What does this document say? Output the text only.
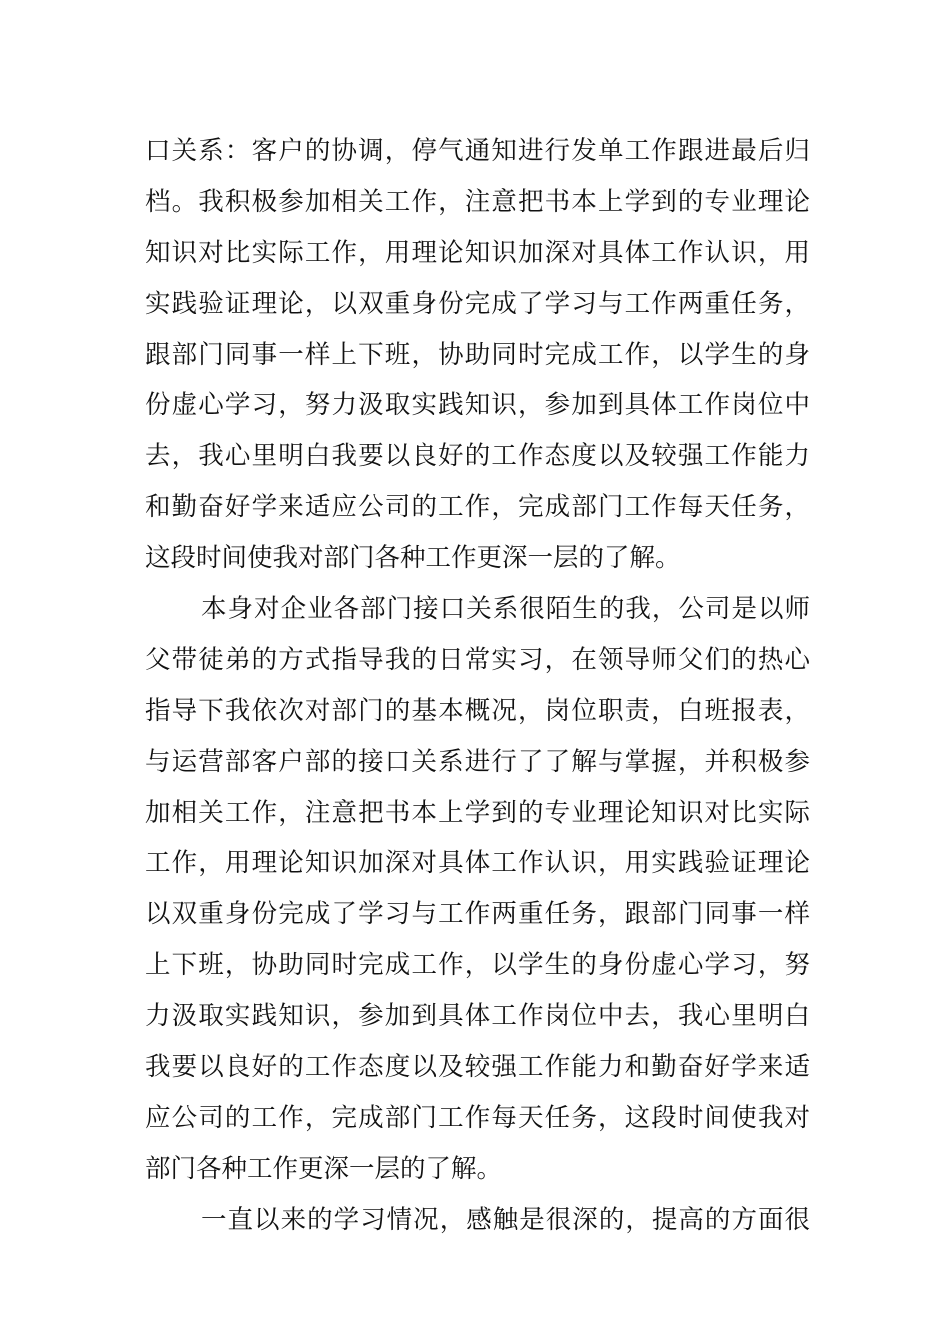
口关系：客户的协调，停气通知进行发单工作跟进最后归
档。我积极参加相关工作，注意把书本上学到的专业理论
知识对比实际工作，用理论知识加深对具体工作认识，用
实践验证理论，以双重身份完成了学习与工作两重任务，
跟部门同事一样上下班，协助同时完成工作，以学生的身
份虚心学习，努力汲取实践知识，参加到具体工作岗位中
去，我心里明白我要以良好的工作态度以及较强工作能力
和勤奋好学来适应公司的工作，完成部门工作每天任务，
这段时间使我对部门各种工作更深一层的了解。
本身对企业各部门接口关系很陌生的我，公司是以师
父带徒弟的方式指导我的日常实习，在领导师父们的热心
指导下我依次对部门的基本概况，岗位职责，白班报表，
与运营部客户部的接口关系进行了了解与掌握，并积极参
加相关工作，注意把书本上学到的专业理论知识对比实际
工作，用理论知识加深对具体工作认识，用实践验证理论
以双重身份完成了学习与工作两重任务，跟部门同事一样
上下班，协助同时完成工作，以学生的身份虚心学习，努
力汲取实践知识，参加到具体工作岗位中去，我心里明白
我要以良好的工作态度以及较强工作能力和勤奋好学来适
应公司的工作，完成部门工作每天任务，这段时间使我对
部门各种工作更深一层的了解。
一直以来的学习情况，感触是很深的，提高的方面很
